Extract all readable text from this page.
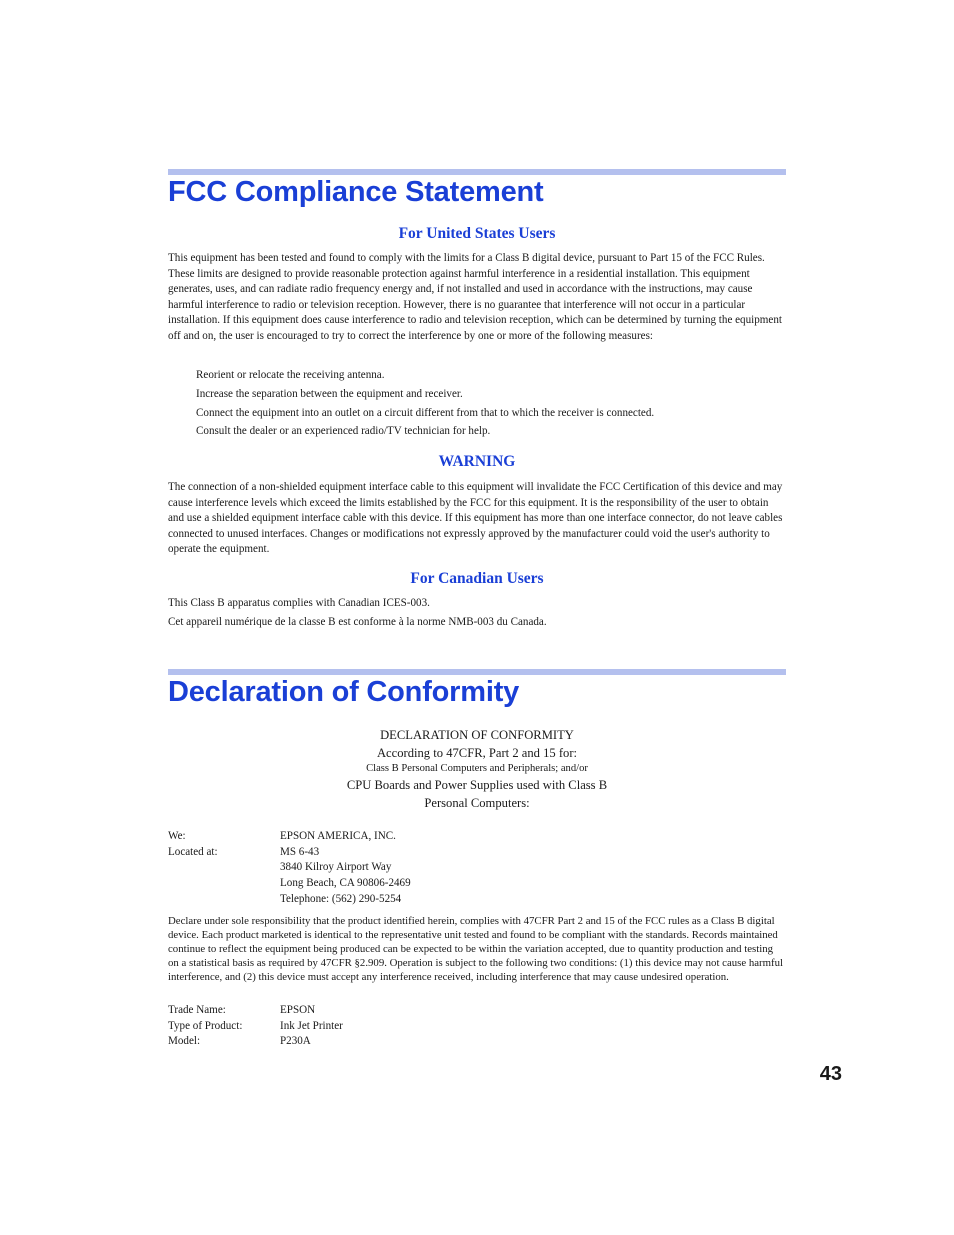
FCC Compliance Statement
For United States Users

This equipment has been tested and found to comply with the limits for a Class B digital device, pursuant to Part 15 of the FCC Rules. These limits are designed to provide reasonable protection against harmful interference in a residential installation. This equipment generates, uses, and can radiate radio frequency energy and, if not installed and used in accordance with the instructions, may cause harmful interference to radio or television reception. However, there is no guarantee that interference will not occur in a particular installation. If this equipment does cause interference to radio and television reception, which can be determined by turning the equipment off and on, the user is encouraged to try to correct the interference by one or more of the following measures:

Reorient or relocate the receiving antenna.
Increase the separation between the equipment and receiver.
Connect the equipment into an outlet on a circuit different from that to which the receiver is connected.
Consult the dealer or an experienced radio/TV technician for help.
WARNING

The connection of a non-shielded equipment interface cable to this equipment will invalidate the FCC Certification of this device and may cause interference levels which exceed the limits established by the FCC for this equipment. It is the responsibility of the user to obtain and use a shielded equipment interface cable with this device. If this equipment has more than one interface connector, do not leave cables connected to unused interfaces. Changes or modifications not expressly approved by the manufacturer could void the user's authority to operate the equipment.

For Canadian Users

This Class B apparatus complies with Canadian ICES-003.

Cet appareil numérique de la classe B est conforme à la norme NMB-003 du Canada.

Declaration of Conformity
DECLARATION OF CONFORMITY
According to 47CFR, Part 2 and 15 for:
Class B Personal Computers and Peripherals; and/or
CPU Boards and Power Supplies used with Class B
Personal Computers:
We:	EPSON AMERICA, INC.
Located at:	MS 6-43
3840 Kilroy Airport Way
Long Beach, CA 90806-2469
Telephone: (562) 290-5254

Declare under sole responsibility that the product identified herein, complies with 47CFR Part 2 and 15 of the FCC rules as a Class B digital device. Each product marketed is identical to the representative unit tested and found to be compliant with the standards. Records maintained continue to reflect the equipment being produced can be expected to be within the variation accepted, due to quantity production and testing on a statistical basis as required by 47CFR §2.909. Operation is subject to the following two conditions: (1) this device may not cause harmful interference, and (2) this device must accept any interference received, including interference that may cause undesired operation.

Trade Name:	EPSON
Type of Product:	Ink Jet Printer
Model:	P230A
43
